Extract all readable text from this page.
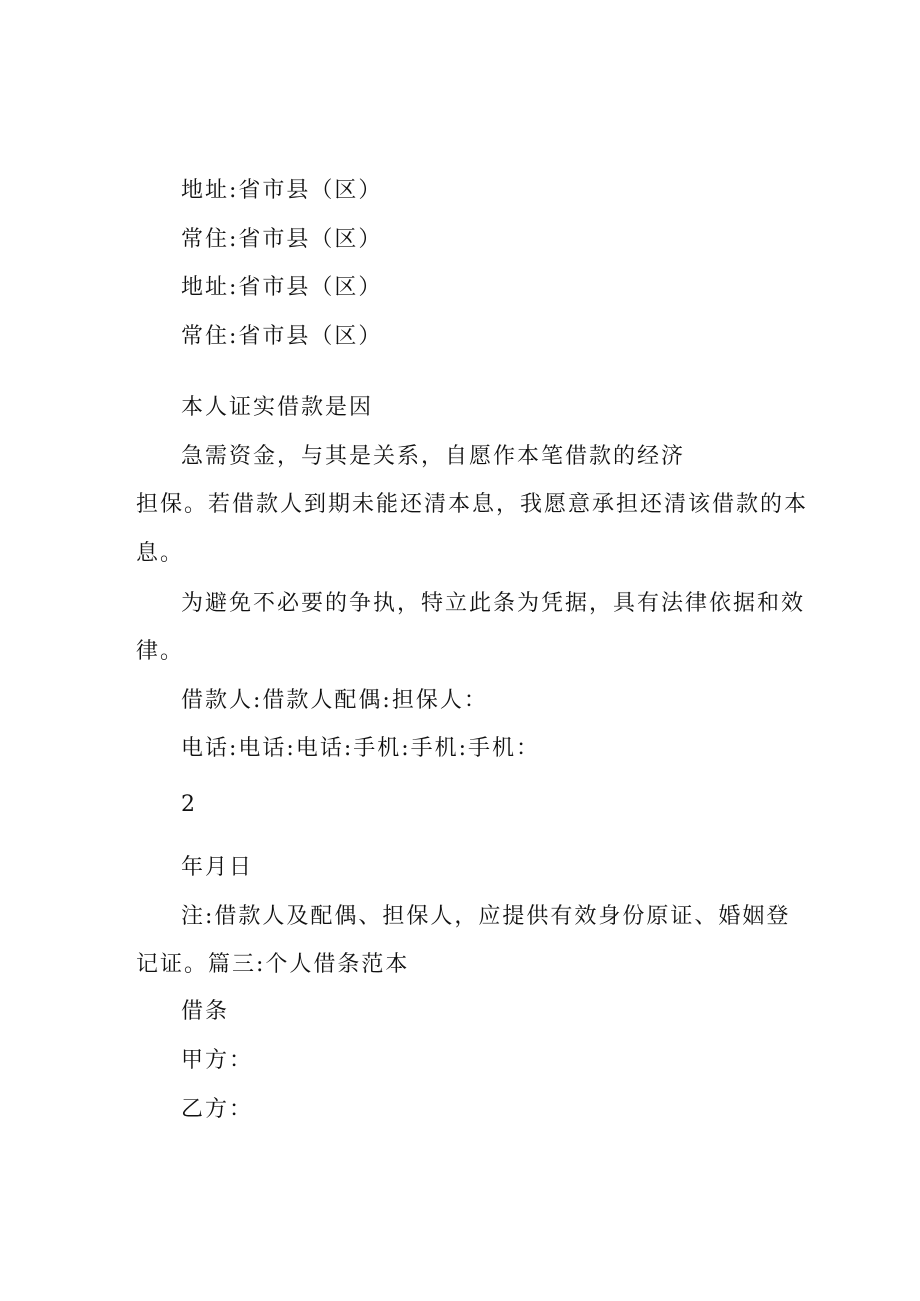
地址:省市县（区）
常住:省市县（区）
地址:省市县（区）
常住:省市县（区）
本人证实借款是因
急需资金，与其是关系，自愿作本笔借款的经济
担保。若借款人到期未能还清本息，我愿意承担还清该借款的本
息。
为避免不必要的争执，特立此条为凭据，具有法律依据和效
律。
借款人:借款人配偶:担保人：
电话:电话:电话:手机:手机:手机：
2
年月日
注:借款人及配偶、担保人，应提供有效身份原证、婚姻登
记证。篇三:个人借条范本
借条
甲方：
乙方：
